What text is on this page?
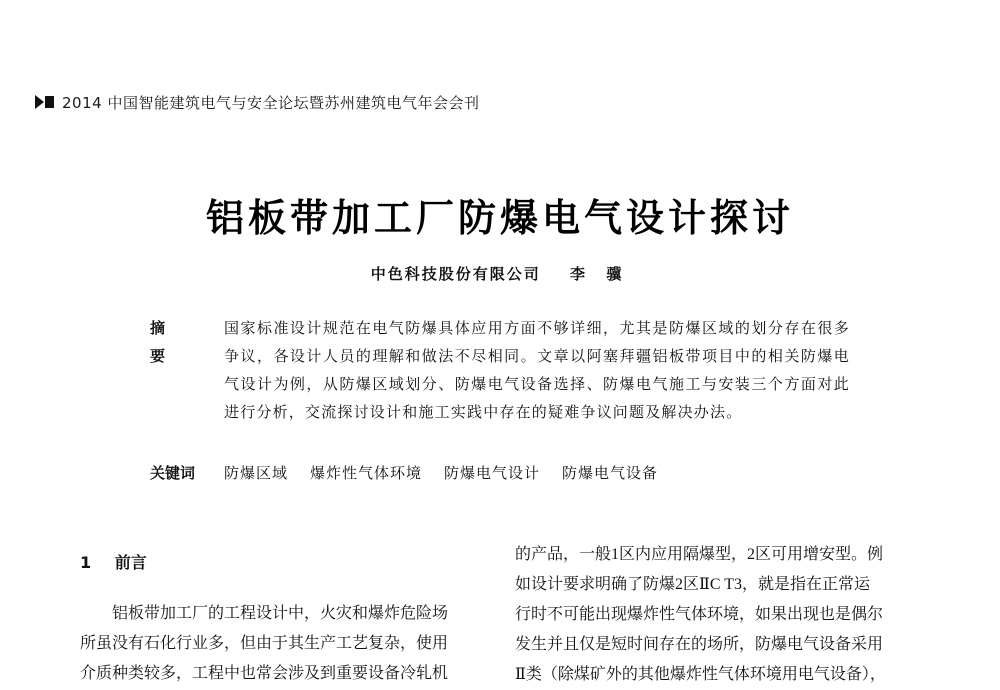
2014 中国智能建筑电气与安全论坛暨苏州建筑电气年会会刊
铝板带加工厂防爆电气设计探讨
中色科技股份有限公司 李 骥
摘 要
国家标准设计规范在电气防爆具体应用方面不够详细，尤其是防爆区域的划分存在很多争议，各设计人员的理解和做法不尽相同。文章以阿塞拜疆铝板带项目中的相关防爆电气设计为例，从防爆区域划分、防爆电气设备选择、防爆电气施工与安装三个方面对此进行分析，交流探讨设计和施工实践中存在的疑难争议问题及解决办法。
关键词	防爆区域 爆炸性气体环境 防爆电气设计 防爆电气设备
1 前言
铝板带加工厂的工程设计中，火灾和爆炸危险场
所虽没有石化行业多，但由于其生产工艺复杂，使用
介质种类较多，工程中也常会涉及到重要设备冷轧机
的产品，一般1区内应用隔爆型，2区可用增安型。例
如设计要求明确了防爆2区ⅡC T3，就是指在正常运
行时不可能出现爆炸性气体环境，如果出现也是偶尔
发生并且仅是短时间存在的场所，防爆电气设备采用
Ⅱ类（除煤矿外的其他爆炸性气体环境用电气设备），
